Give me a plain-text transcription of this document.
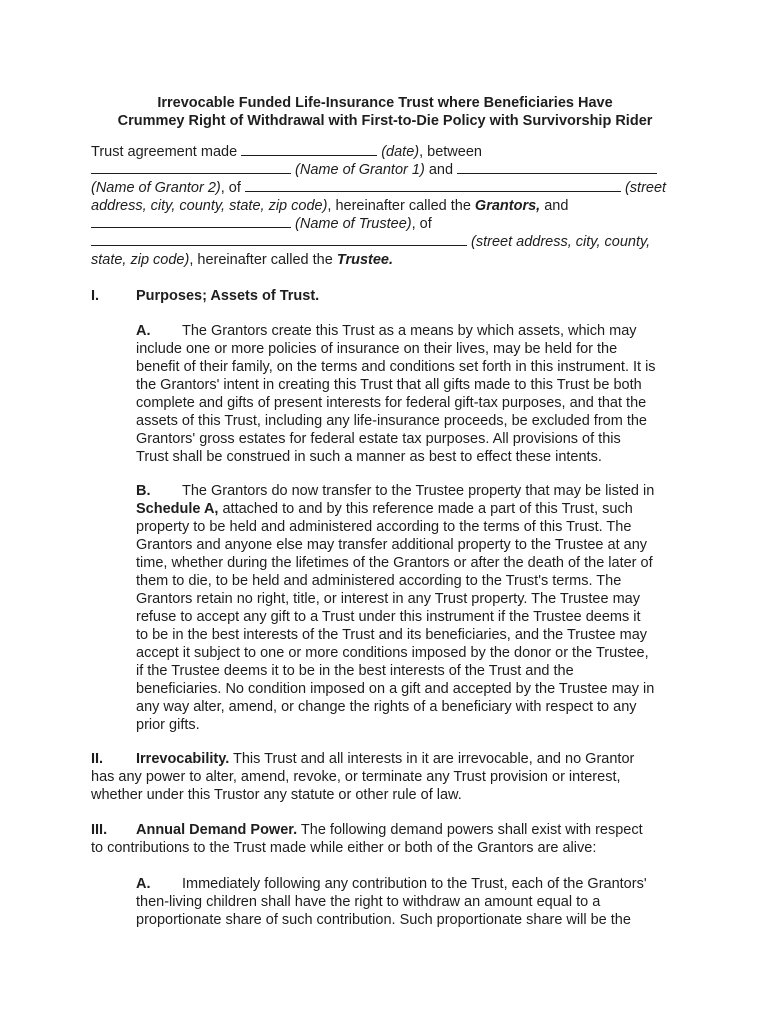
Irrevocable Funded Life-Insurance Trust where Beneficiaries Have
Crummey Right of Withdrawal with First-to-Die Policy with Survivorship Rider
Trust agreement made	(date), between
(Name of Grantor 1) and
(Name of Grantor 2), of	(street
address, city, county, state, zip code), hereinafter called the Grantors, and
(Name of Trustee), of
(street address, city, county,
state, zip code), hereinafter called the Trustee.
I.	Purposes; Assets of Trust.
A.	The Grantors create this Trust as a means by which assets, which may
include one or more policies of insurance on their lives, may be held for the
benefit of their family, on the terms and conditions set forth in this instrument. It is
the Grantors' intent in creating this Trust that all gifts made to this Trust be both
complete and gifts of present interests for federal gift-tax purposes, and that the
assets of this Trust, including any life-insurance proceeds, be excluded from the
Grantors' gross estates for federal estate tax purposes. All provisions of this
Trust shall be construed in such a manner as best to effect these intents.
B.	The Grantors do now transfer to the Trustee property that may be listed in
Schedule A, attached to and by this reference made a part of this Trust, such
property to be held and administered according to the terms of this Trust. The
Grantors and anyone else may transfer additional property to the Trustee at any
time, whether during the lifetimes of the Grantors or after the death of the later of
them to die, to be held and administered according to the Trust's terms. The
Grantors retain no right, title, or interest in any Trust property. The Trustee may
refuse to accept any gift to a Trust under this instrument if the Trustee deems it
to be in the best interests of the Trust and its beneficiaries, and the Trustee may
accept it subject to one or more conditions imposed by the donor or the Trustee,
if the Trustee deems it to be in the best interests of the Trust and the
beneficiaries. No condition imposed on a gift and accepted by the Trustee may in
any way alter, amend, or change the rights of a beneficiary with respect to any
prior gifts.
II.	Irrevocability. This Trust and all interests in it are irrevocable, and no Grantor
has any power to alter, amend, revoke, or terminate any Trust provision or interest,
whether under this Trustor any statute or other rule of law.
III.	Annual Demand Power. The following demand powers shall exist with respect
to contributions to the Trust made while either or both of the Grantors are alive:
A.	Immediately following any contribution to the Trust, each of the Grantors'
then-living children shall have the right to withdraw an amount equal to a
proportionate share of such contribution. Such proportionate share will be the
